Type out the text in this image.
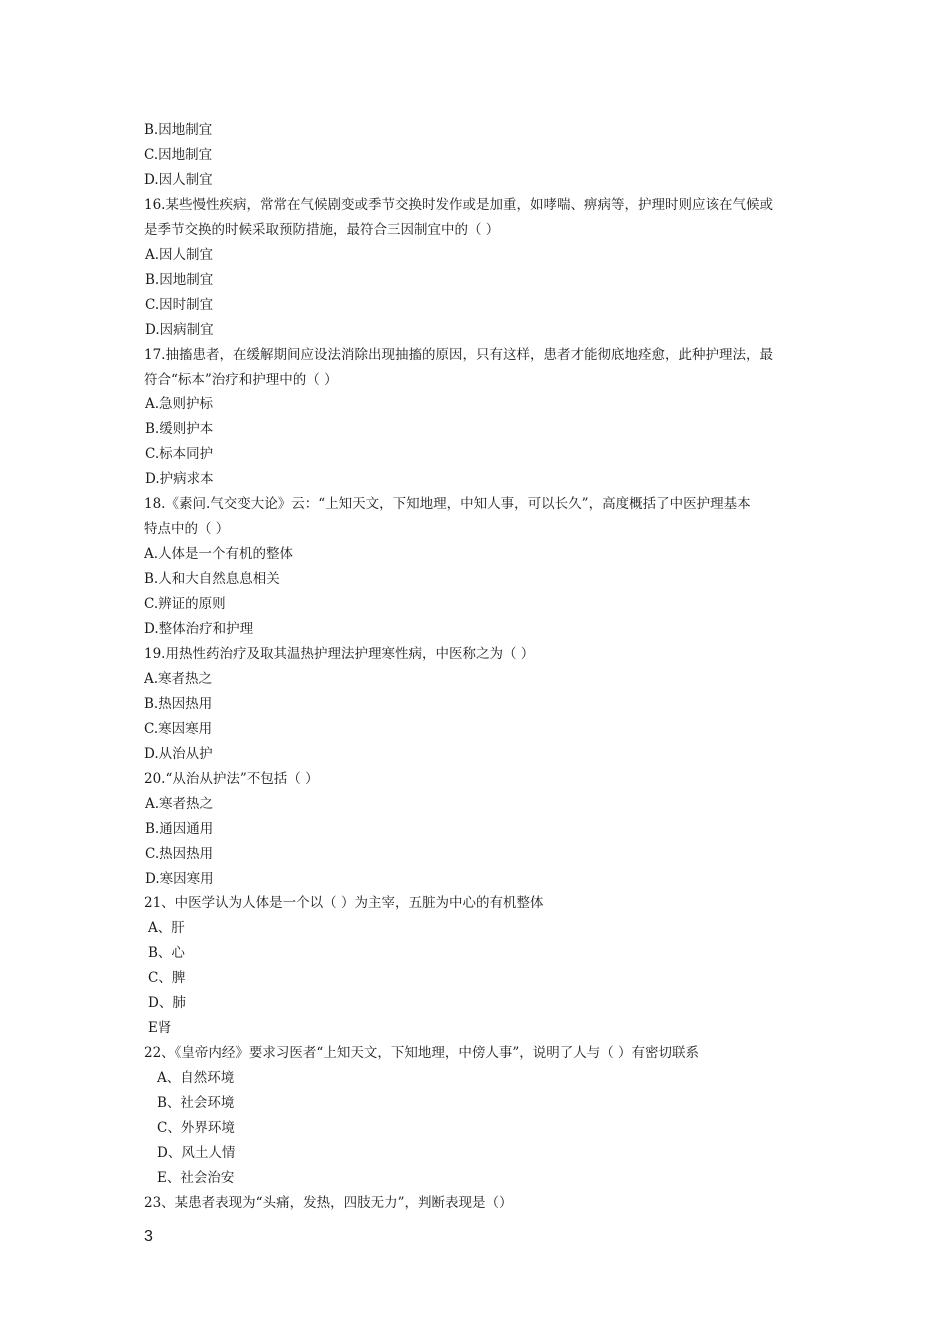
B.因地制宜
C.因地制宜
D.因人制宜
16.某些慢性疾病，常常在气候剧变或季节交换时发作或是加重，如哮喘、痹病等，护理时则应该在气候或
是季节交换的时候采取预防措施，最符合三因制宜中的（ ）
A.因人制宜
B.因地制宜
C.因时制宜
D.因病制宜
17.抽搐患者，在缓解期间应设法消除出现抽搐的原因，只有这样，患者才能彻底地痊愈，此种护理法，最
符合“标本”治疗和护理中的（ ）
A.急则护标
B.缓则护本
C.标本同护
D.护病求本
18.《素问.气交变大论》云：“上知天文，下知地理，中知人事，可以长久”，高度概括了中医护理基本
特点中的（ ）
A.人体是一个有机的整体
B.人和大自然息息相关
C.辨证的原则
D.整体治疗和护理
19.用热性药治疗及取其温热护理法护理寒性病，中医称之为（ ）
A.寒者热之
B.热因热用
C.寒因寒用
D.从治从护
20.“从治从护法”不包括（ ）
A.寒者热之
B.通因通用
C.热因热用
D.寒因寒用
21、中医学认为人体是一个以（ ）为主宰，五脏为中心的有机整体
A、肝
B、心
C、脾
D、肺
E肾
22、《皇帝内经》要求习医者“上知天文，下知地理，中傍人事”，说明了人与（ ）有密切联系
A、自然环境
B、社会环境
C、外界环境
D、风土人情
E、社会治安
23、某患者表现为“头痛，发热，四肢无力”，判断表现是（）
3
